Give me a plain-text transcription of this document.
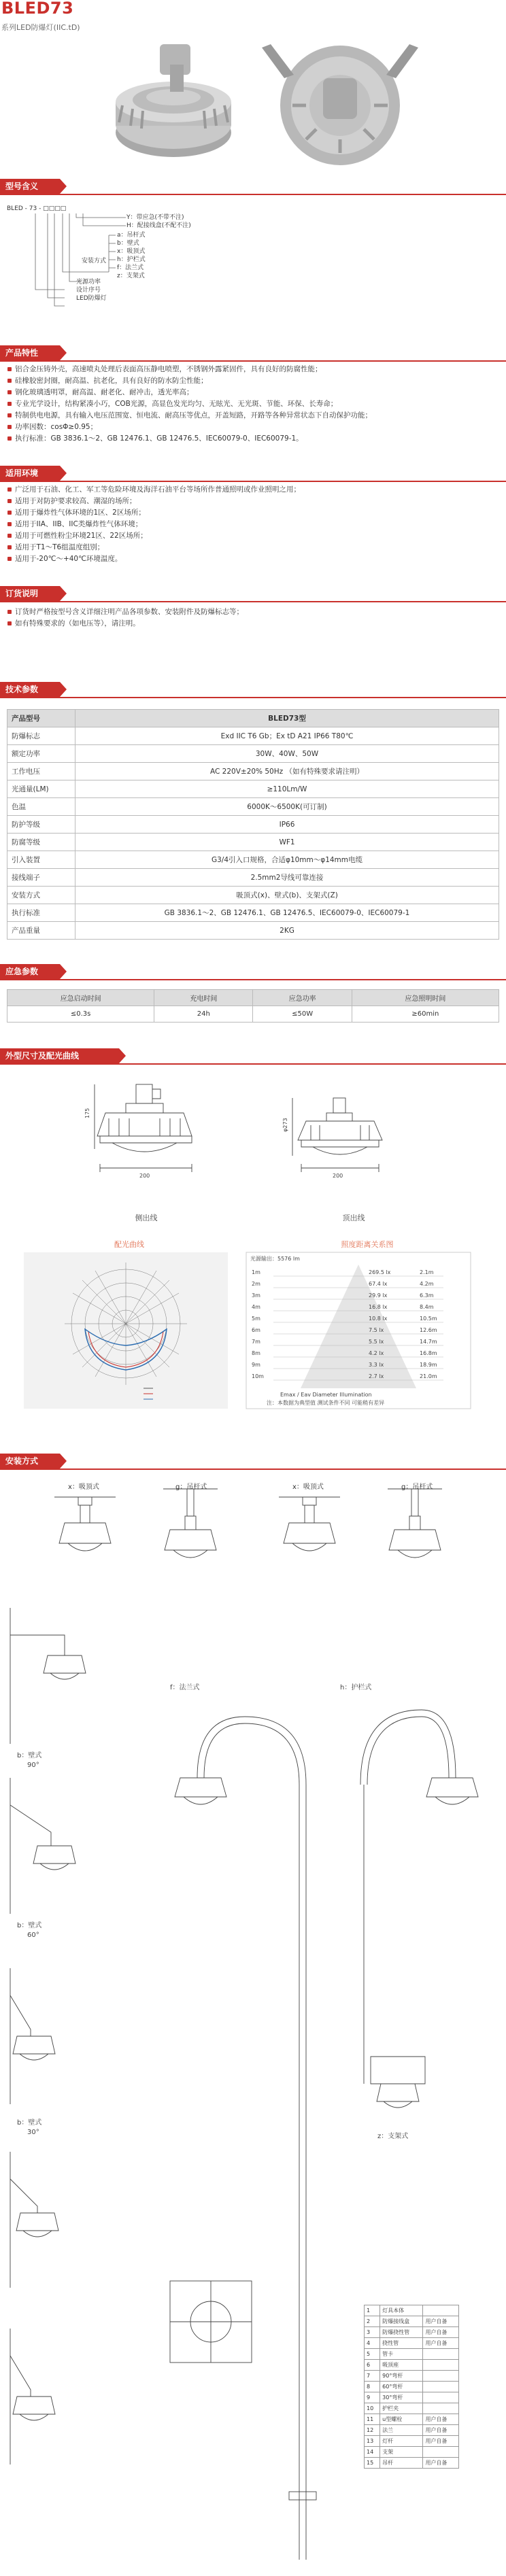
BLED73
系列LED防爆灯(IIC.tD)
型号含义
BLED - 73 - □□□□
Y：带应急(不带不注)
H：配接线盒(不配不注)
a：吊杆式
b：壁式
x：吸顶式
h：护栏式
f：法兰式
z：支架式
安装方式
光源功率
设计序号
LED防爆灯
产品特性
铝合金压铸外壳，高速喷丸处理后表面高压静电喷塑，不锈钢外露紧固件，具有良好的防腐性能；
硅橡胶密封圈，耐高温、抗老化，具有良好的防水防尘性能；
钢化玻璃透明罩，耐高温、耐老化、耐冲击，透光率高；
专业光学设计，结构紧凑小巧，COB光源，高显色发光均匀、无眩光、无光斑、节能、环保、长寿命；
特制供电电源，具有输入电压范围宽、恒电流、耐高压等优点，开盖短路，开路等各种异常状态下自动保护功能；
功率因数：cosΦ≥0.95；
执行标准：GB 3836.1～2、GB 12476.1、GB 12476.5、IEC60079-0、IEC60079-1。
适用环境
广泛用于石油、化工、军工等危险环境及海洋石油平台等场所作普通照明或作业照明之用；
适用于对防护要求较高、潮湿的场所；
适用于爆炸性气体环境的1区、2区场所；
适用于IIA、IIB、IIC类爆炸性气体环境；
适用于可燃性粉尘环境21区、22区场所；
适用于T1～T6组温度组别；
适用于-20℃～+40℃环境温度。
订货说明
订货时严格按型号含义详细注明产品各项参数、安装附件及防爆标志等；
如有特殊要求的（如电压等），请注明。
技术参数
产品型号	BLED73型
防爆标志	Exd IIC T6 Gb；Ex tD A21 IP66 T80℃
额定功率	30W、40W、50W
工作电压	AC 220V±20% 50Hz （如有特殊要求请注明）
光通量(LM)	≥110Lm/W
色温	6000K～6500K(可订制)
防护等级	IP66
防腐等级	WF1
引入装置	G3/4引入口规格，合适φ10mm～φ14mm电缆
接线端子	2.5mm2导线可靠连接
安装方式	吸顶式(x)、壁式(b)、支架式(Z)
执行标准	GB 3836.1～2、GB 12476.1、GB 12476.5、IEC60079-0、IEC60079-1
产品重量	2KG
应急参数
应急启动时间	充电时间	应急功率	应急照明时间
≤0.3s	24h	≤50W	≥60min
外型尺寸及配光曲线
200
175
200
φ273
侧出线	顶出线
配光曲线	照度距离关系图
光源输出：5576 lm
1m	269.5 lx	2.1m
2m	67.4 lx	4.2m
3m	29.9 lx	6.3m
4m	16.8 lx	8.4m
5m	10.8 lx	10.5m
6m	7.5 lx	12.6m
7m	5.5 lx	14.7m
8m	4.2 lx	16.8m
9m	3.3 lx	18.9m
10m	2.7 lx	21.0m
Emax / Eav Diameter Illumination
注：本数据为典型值 测试条件不同 可能稍有差异
安装方式
x：吸顶式	g：吊杆式	x：吸顶式	g：吊杆式
b：壁式
90°
b：壁式
60°
b：壁式
30°
f：法兰式	h：护栏式
z：支架式
1	灯具本体	
2	防爆接线盒	用户自备
3	防爆挠性管	用户自备
4	挠性管	用户自备
5	管卡	
6	吸顶座	
7	90°弯杆	
8	60°弯杆	
9	30°弯杆	
10	护栏夹	
11	u型螺栓	用户自备
12	法兰	用户自备
13	灯杆	用户自备
14	支架	
15	吊杆	用户自备
